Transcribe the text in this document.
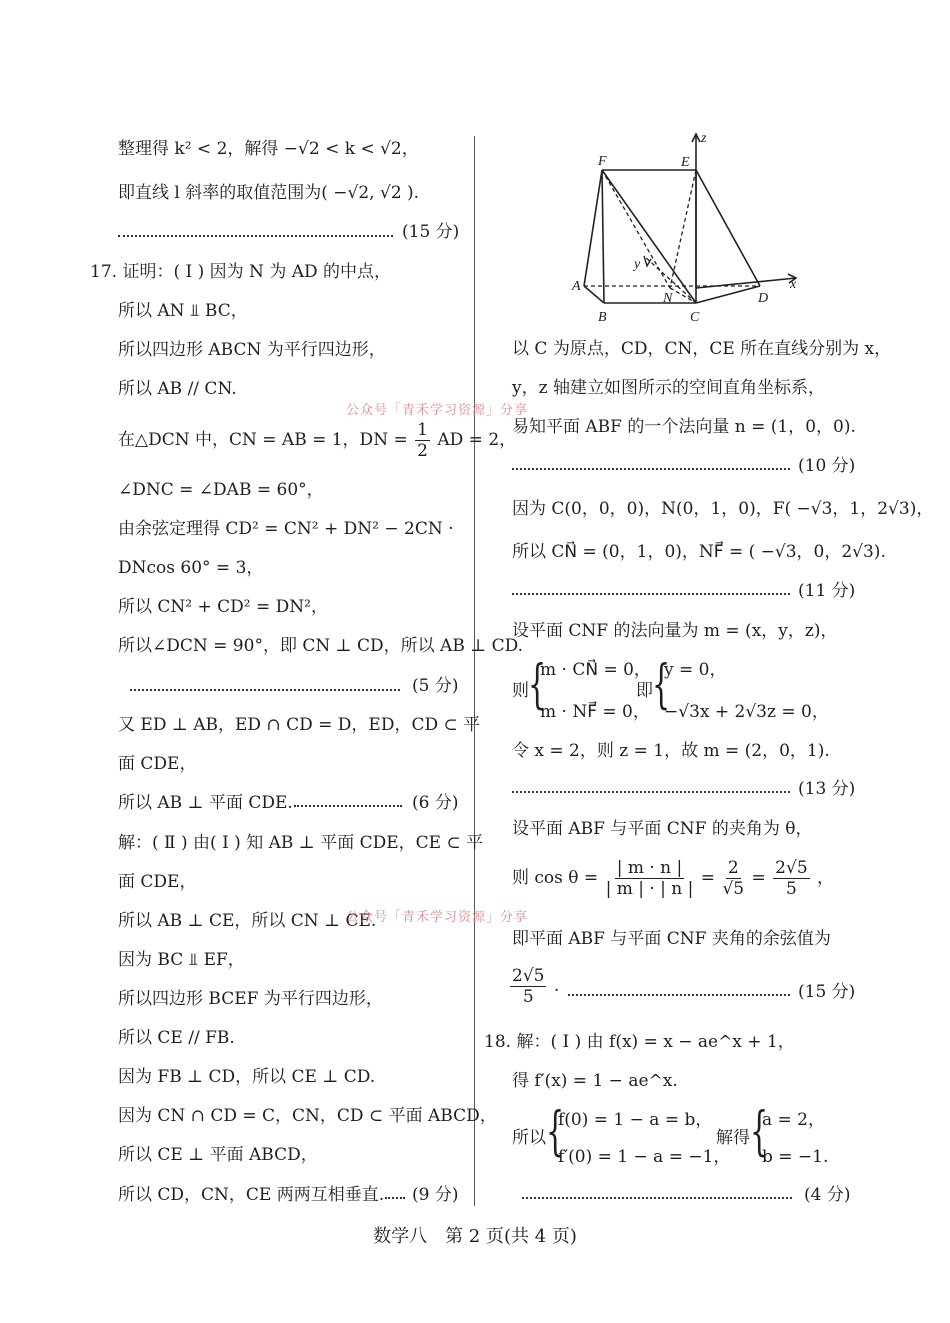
整理得 k² < 2，解得 −√2 < k < √2，
即直线 l 斜率的取值范围为( −√2, √2 ).
(15 分)
17. 证明：( Ⅰ ) 因为 N 为 AD 的中点，
所以 AN ⫫ BC，
所以四边形 ABCN 为平行四边形，
所以 AB // CN.
在△DCN 中，CN = AB = 1，DN = $\frac{1}{2}$ AD = 2，
∠DNC = ∠DAB = 60°，
由余弦定理得 CD² = CN² + DN² − 2CN ·
DNcos 60° = 3，
所以 CN² + CD² = DN²，
所以∠DCN = 90°，即 CN ⊥ CD，所以 AB ⊥ CD.
(5 分)
又 ED ⊥ AB，ED ∩ CD = D，ED，CD ⊂ 平
面 CDE，
所以 AB ⊥ 平面 CDE.	(6 分)
解：( Ⅱ ) 由( Ⅰ ) 知 AB ⊥ 平面 CDE，CE ⊂ 平
面 CDE，
所以 AB ⊥ CE，所以 CN ⊥ CE.
因为 BC ⫫ EF，
所以四边形 BCEF 为平行四边形，
所以 CE // FB.
因为 FB ⊥ CD，所以 CE ⊥ CD.
因为 CN ∩ CD = C，CN，CD ⊂ 平面 ABCD，
所以 CE ⊥ 平面 ABCD，
所以 CD，CN，CE 两两互相垂直. (9 分)
F	E
A
B	C
D
N
x
y
z
以 C 为原点，CD，CN，CE 所在直线分别为 x，
y，z 轴建立如图所示的空间直角坐标系，
易知平面 ABF 的一个法向量 n = (1，0，0).
(10 分)
因为 C(0，0，0)，N(0，1，0)，F( −√3，1，2√3)，
所以 CN⃗ = (0，1，0)，NF⃗ = ( −√3，0，2√3).
(11 分)
设平面 CNF 的法向量为 m = (x，y，z)，
则 {
m · CN⃗ = 0，
m · NF⃗ = 0，
即 {
y = 0，
−√3x + 2√3z = 0，
令 x = 2，则 z = 1，故 m = (2，0，1).
(13 分)
设平面 ABF 与平面 CNF 的夹角为 θ，
则 $\cos \theta = \frac{| m \cdot n |}{| m | \cdot | n |} = \frac{2}{√5} = \frac{2√5}{5}$ ，
即平面 ABF 与平面 CNF 夹角的余弦值为
$\frac{2√5}{5}$ .	(15 分)
18. 解：( Ⅰ ) 由 f(x) = x − ae^x + 1，
得 f′(x) = 1 − ae^x.
所以 {
f(0) = 1 − a = b，
f′(0) = 1 − a = −1，
解得 {
a = 2，
b = −1.
(4 分)
公众号「青禾学习资源」分享
公众号「青禾学习资源」分享
数学八　第 2 页(共 4 页)
